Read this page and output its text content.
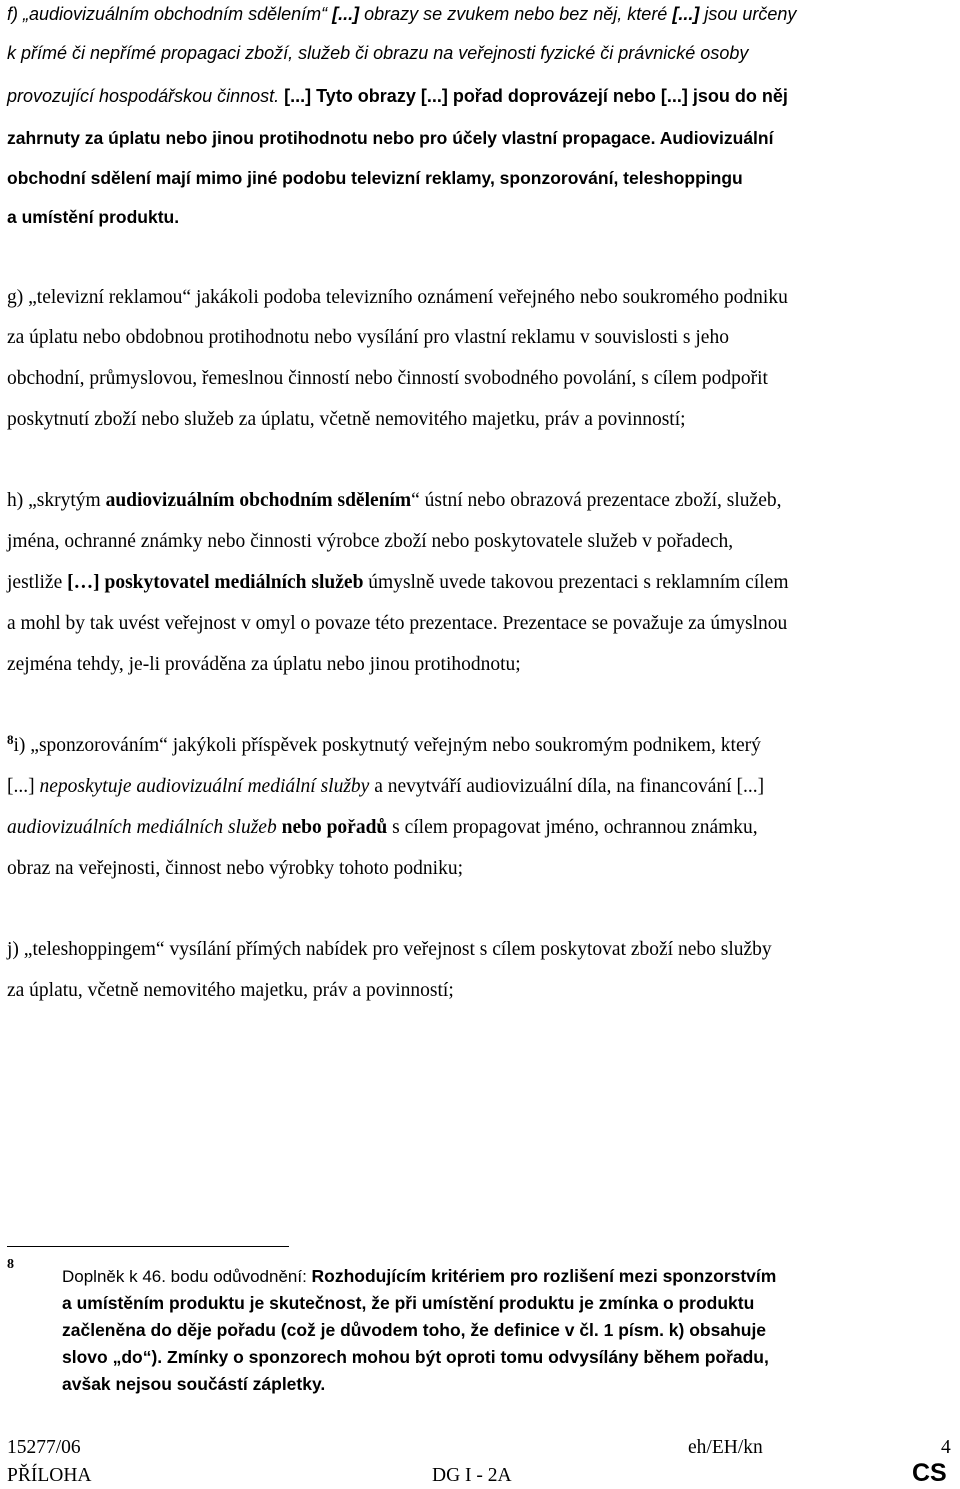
f) „audiovizuálním obchodním sdělením“ [...] obrazy se zvukem nebo bez něj, které [...] jsou určeny
k přímé či nepřímé propagaci zboží, služeb či obrazu na veřejnosti fyzické či právnické osoby
provozující hospodářskou činnost. [...] Tyto obrazy [...] pořad doprovázejí nebo [...] jsou do něj
zahrnuty za úplatu nebo jinou protihodnotu nebo pro účely vlastní propagace. Audiovizuální
obchodní sdělení mají mimo jiné podobu televizní reklamy, sponzorování, teleshoppingu
a umístění produktu.
g) „televizní reklamou“ jakákoli podoba televizního oznámení veřejného nebo soukromého podniku
za úplatu nebo obdobnou protihodnotu nebo vysílání pro vlastní reklamu v souvislosti s jeho
obchodní, průmyslovou, řemeslnou činností nebo činností svobodného povolání, s cílem podpořit
poskytnutí zboží nebo služeb za úplatu, včetně nemovitého majetku, práv a povinností;
h) „skrytým audiovizuálním obchodním sdělením“ ústní nebo obrazová prezentace zboží, služeb,
jména, ochranné známky nebo činnosti výrobce zboží nebo poskytovatele služeb v pořadech,
jestliže […] poskytovatel mediálních služeb úmyslně uvede takovou prezentaci s reklamním cílem
a mohl by tak uvést veřejnost v omyl o povaze této prezentace. Prezentace se považuje za úmyslnou
zejména tehdy, je-li prováděna za úplatu nebo jinou protihodnotu;
$^8$i) „sponzorováním“ jakýkoli příspěvek poskytnutý veřejným nebo soukromým podnikem, který
[...] neposkytuje audiovizuální mediální služby a nevytváří audiovizuální díla, na financování [...]
audiovizuálních mediálních služeb nebo pořadů s cílem propagovat jméno, ochrannou známku,
obraz na veřejnosti, činnost nebo výrobky tohoto podniku;
j) „teleshoppingem“ vysílání přímých nabídek pro veřejnost s cílem poskytovat zboží nebo služby
za úplatu, včetně nemovitého majetku, práv a povinností;
8
Doplněk k 46. bodu odůvodnění: Rozhodujícím kritériem pro rozlišení mezi sponzorstvím
a umístěním produktu je skutečnost, že při umístění produktu je zmínka o produktu
začleněna do děje pořadu (což je důvodem toho, že definice v čl. 1 písm. k) obsahuje
slovo „do“). Zmínky o sponzorech mohou být oproti tomu odvysílány během pořadu,
avšak nejsou součástí zápletky.
15277/06	eh/EH/kn	4
PŘÍLOHA	DG I - 2A	CS
